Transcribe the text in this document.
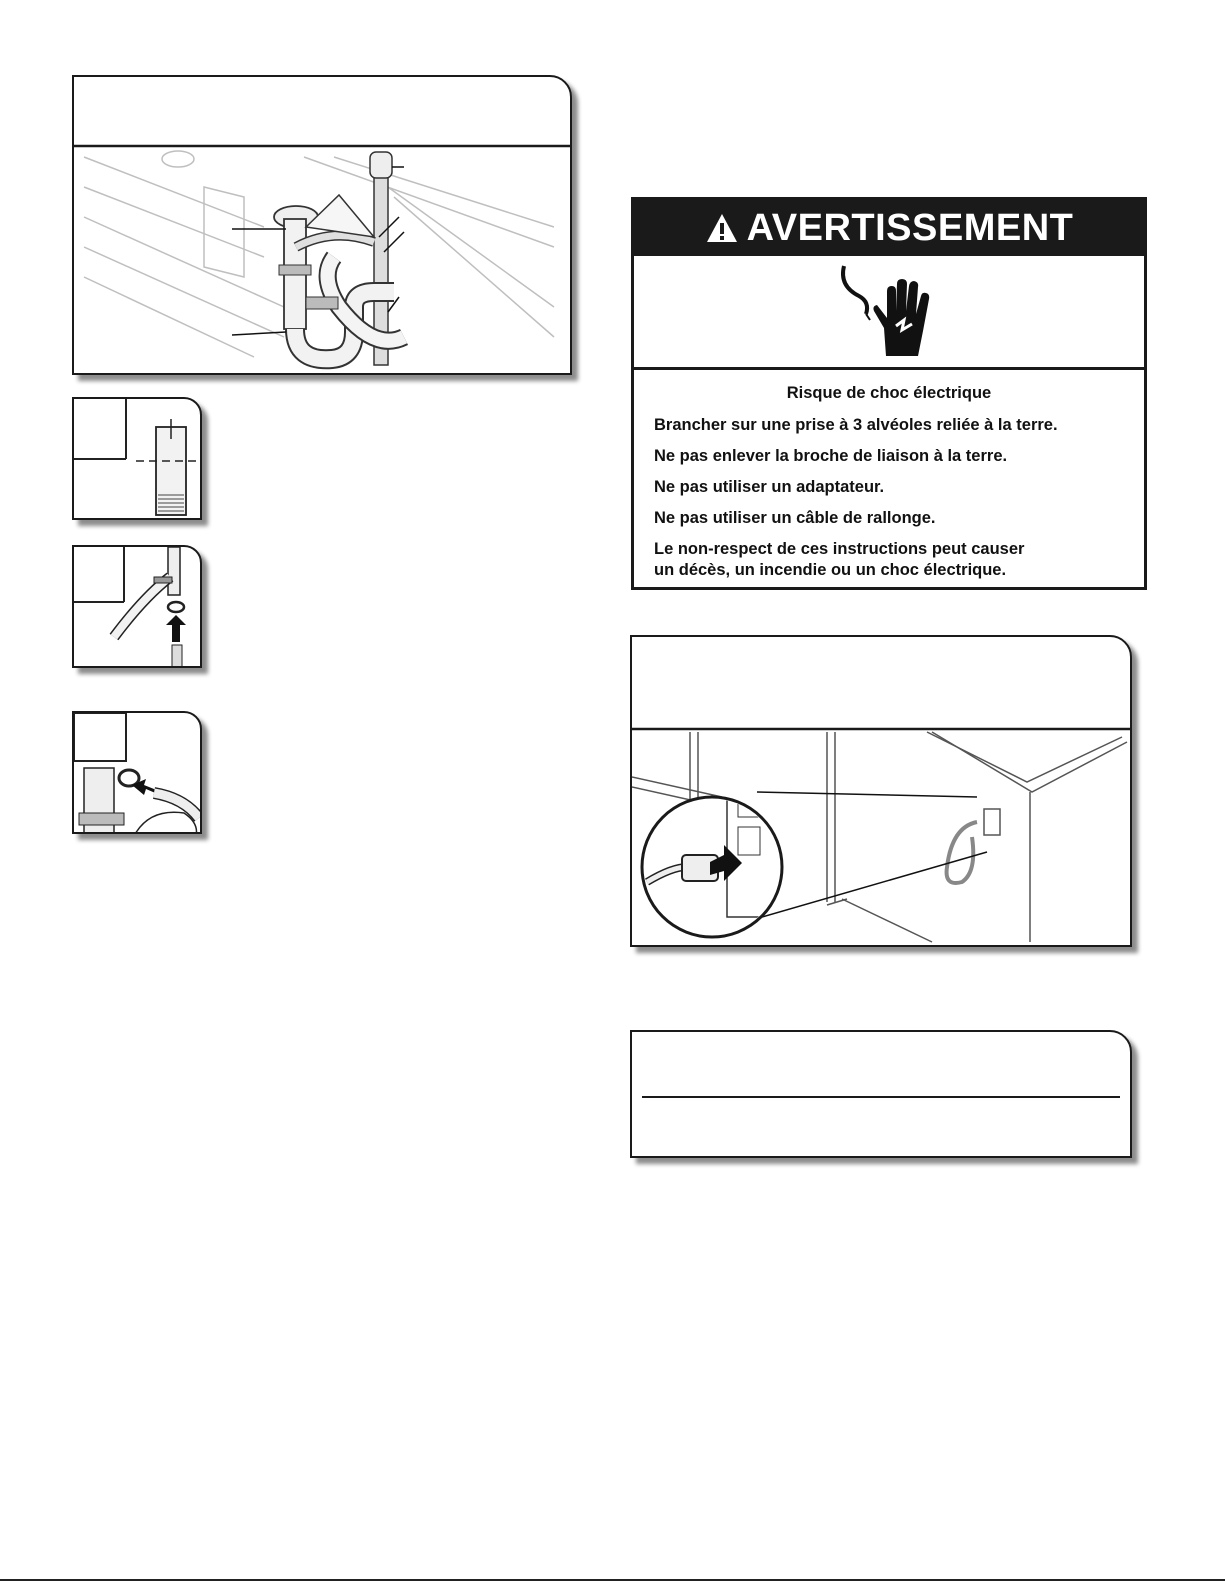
AVERTISSEMENT
Risque de choc électrique
Brancher sur une prise à 3 alvéoles reliée à la terre.
Ne pas enlever la broche de liaison à la terre.
Ne pas utiliser un adaptateur.
Ne pas utiliser un câble de rallonge.
Le non-respect de ces instructions peut causer
un décès, un incendie ou un choc électrique.
